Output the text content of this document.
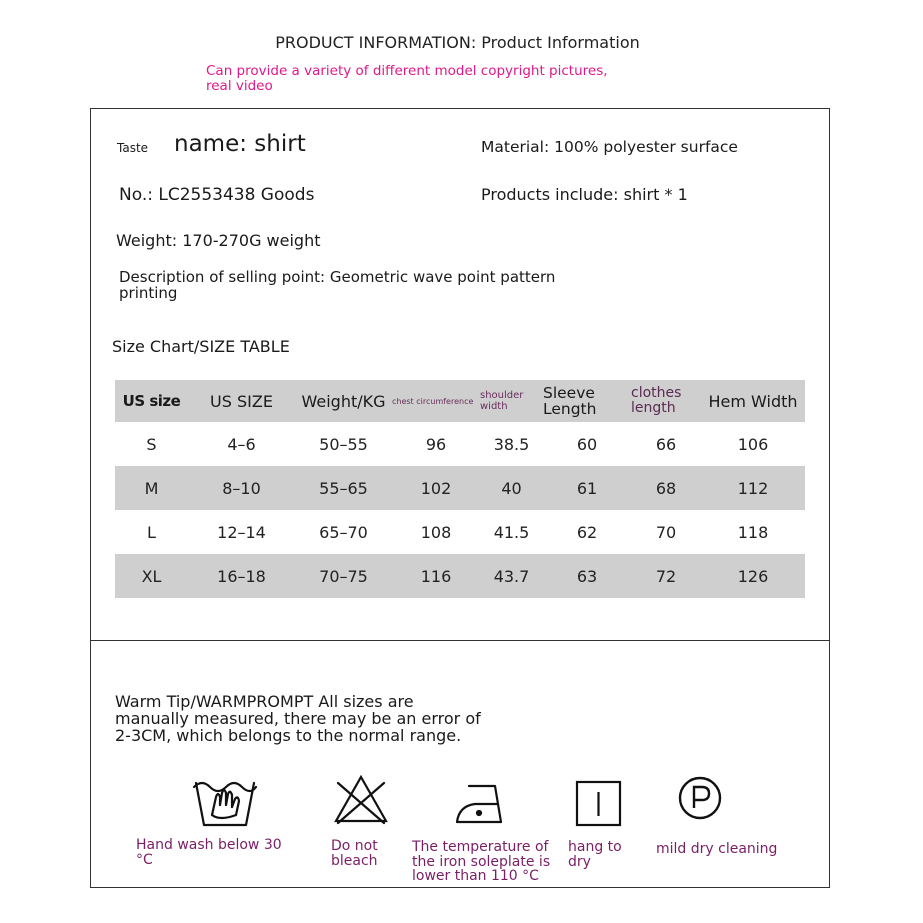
PRODUCT INFORMATION: Product Information
Can provide a variety of different model copyright pictures, real video
Taste name: shirt	Material: 100% polyester surface
No.: LC2553438 Goods	Products include: shirt * 1
Weight: 170-270G weight
Description of selling point: Geometric wave point pattern printing
Size Chart/SIZE TABLE
US size	US SIZE	Weight/KG	chest circumference	shoulder width	Sleeve Length	clothes length	Hem Width
S	4–6	50–55	96	38.5	60	66	106
M	8–10	55–65	102	40	61	68	112
L	12–14	65–70	108	41.5	62	70	118
XL	16–18	70–75	116	43.7	63	72	126
Warm Tip/WARMPROMPT All sizes are manually measured, there may be an error of 2-3CM, which belongs to the normal range.
Hand wash below 30 °C
Do not bleach
The temperature of the iron soleplate is lower than 110 °C
hang to dry
mild dry cleaning
